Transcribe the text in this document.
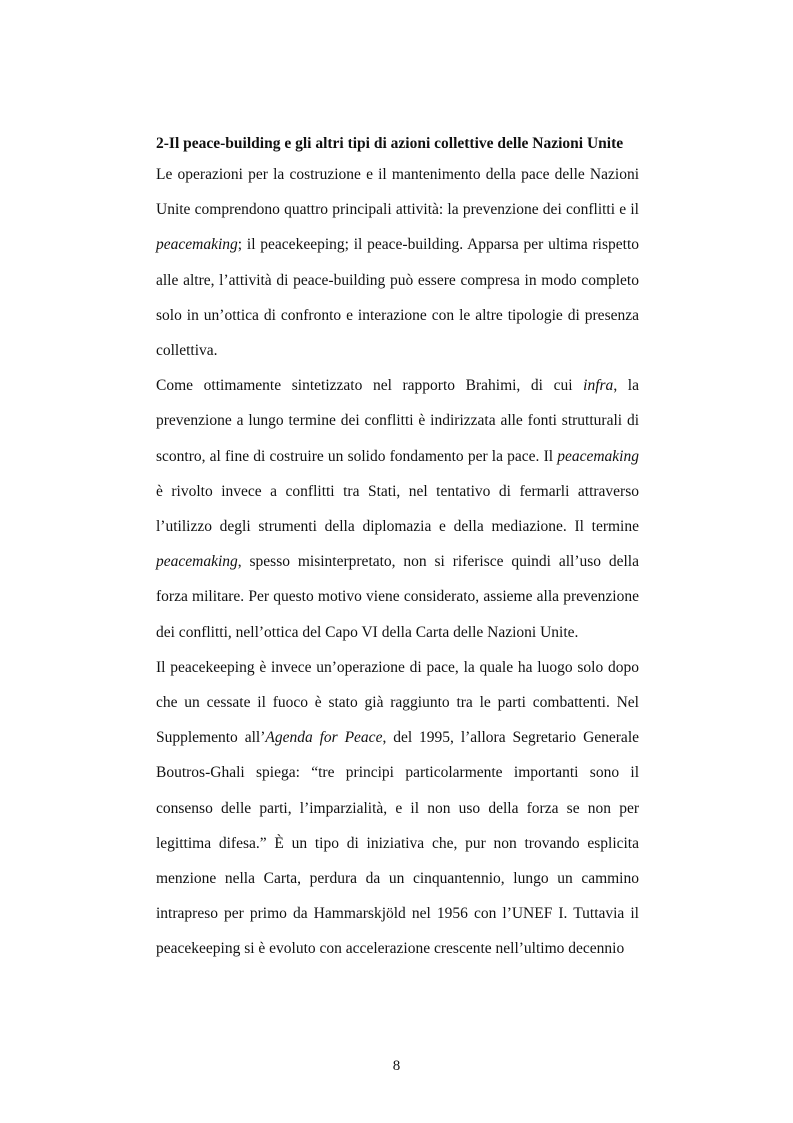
2-Il peace-building e gli altri tipi di azioni collettive delle Nazioni Unite

Le operazioni per la costruzione e il mantenimento della pace delle Nazioni Unite comprendono quattro principali attività: la prevenzione dei conflitti e il peacemaking; il peacekeeping; il peace-building. Apparsa per ultima rispetto alle altre, l’attività di peace-building può essere compresa in modo completo solo in un’ottica di confronto e interazione con le altre tipologie di presenza collettiva.

Come ottimamente sintetizzato nel rapporto Brahimi, di cui infra, la prevenzione a lungo termine dei conflitti è indirizzata alle fonti strutturali di scontro, al fine di costruire un solido fondamento per la pace. Il peacemaking è rivolto invece a conflitti tra Stati, nel tentativo di fermarli attraverso l’utilizzo degli strumenti della diplomazia e della mediazione. Il termine peacemaking, spesso misinterpretato, non si riferisce quindi all’uso della forza militare. Per questo motivo viene considerato, assieme alla prevenzione dei conflitti, nell’ottica del Capo VI della Carta delle Nazioni Unite.

Il peacekeeping è invece un’operazione di pace, la quale ha luogo solo dopo che un cessate il fuoco è stato già raggiunto tra le parti combattenti. Nel Supplemento all’Agenda for Peace, del 1995, l’allora Segretario Generale Boutros-Ghali spiega: “tre principi particolarmente importanti sono il consenso delle parti, l’imparzialità, e il non uso della forza se non per legittima difesa.” È un tipo di iniziativa che, pur non trovando esplicita menzione nella Carta, perdura da un cinquantennio, lungo un cammino intrapreso per primo da Hammarskjöld nel 1956 con l’UNEF I. Tuttavia il peacekeeping si è evoluto con accelerazione crescente nell’ultimo decennio

8
